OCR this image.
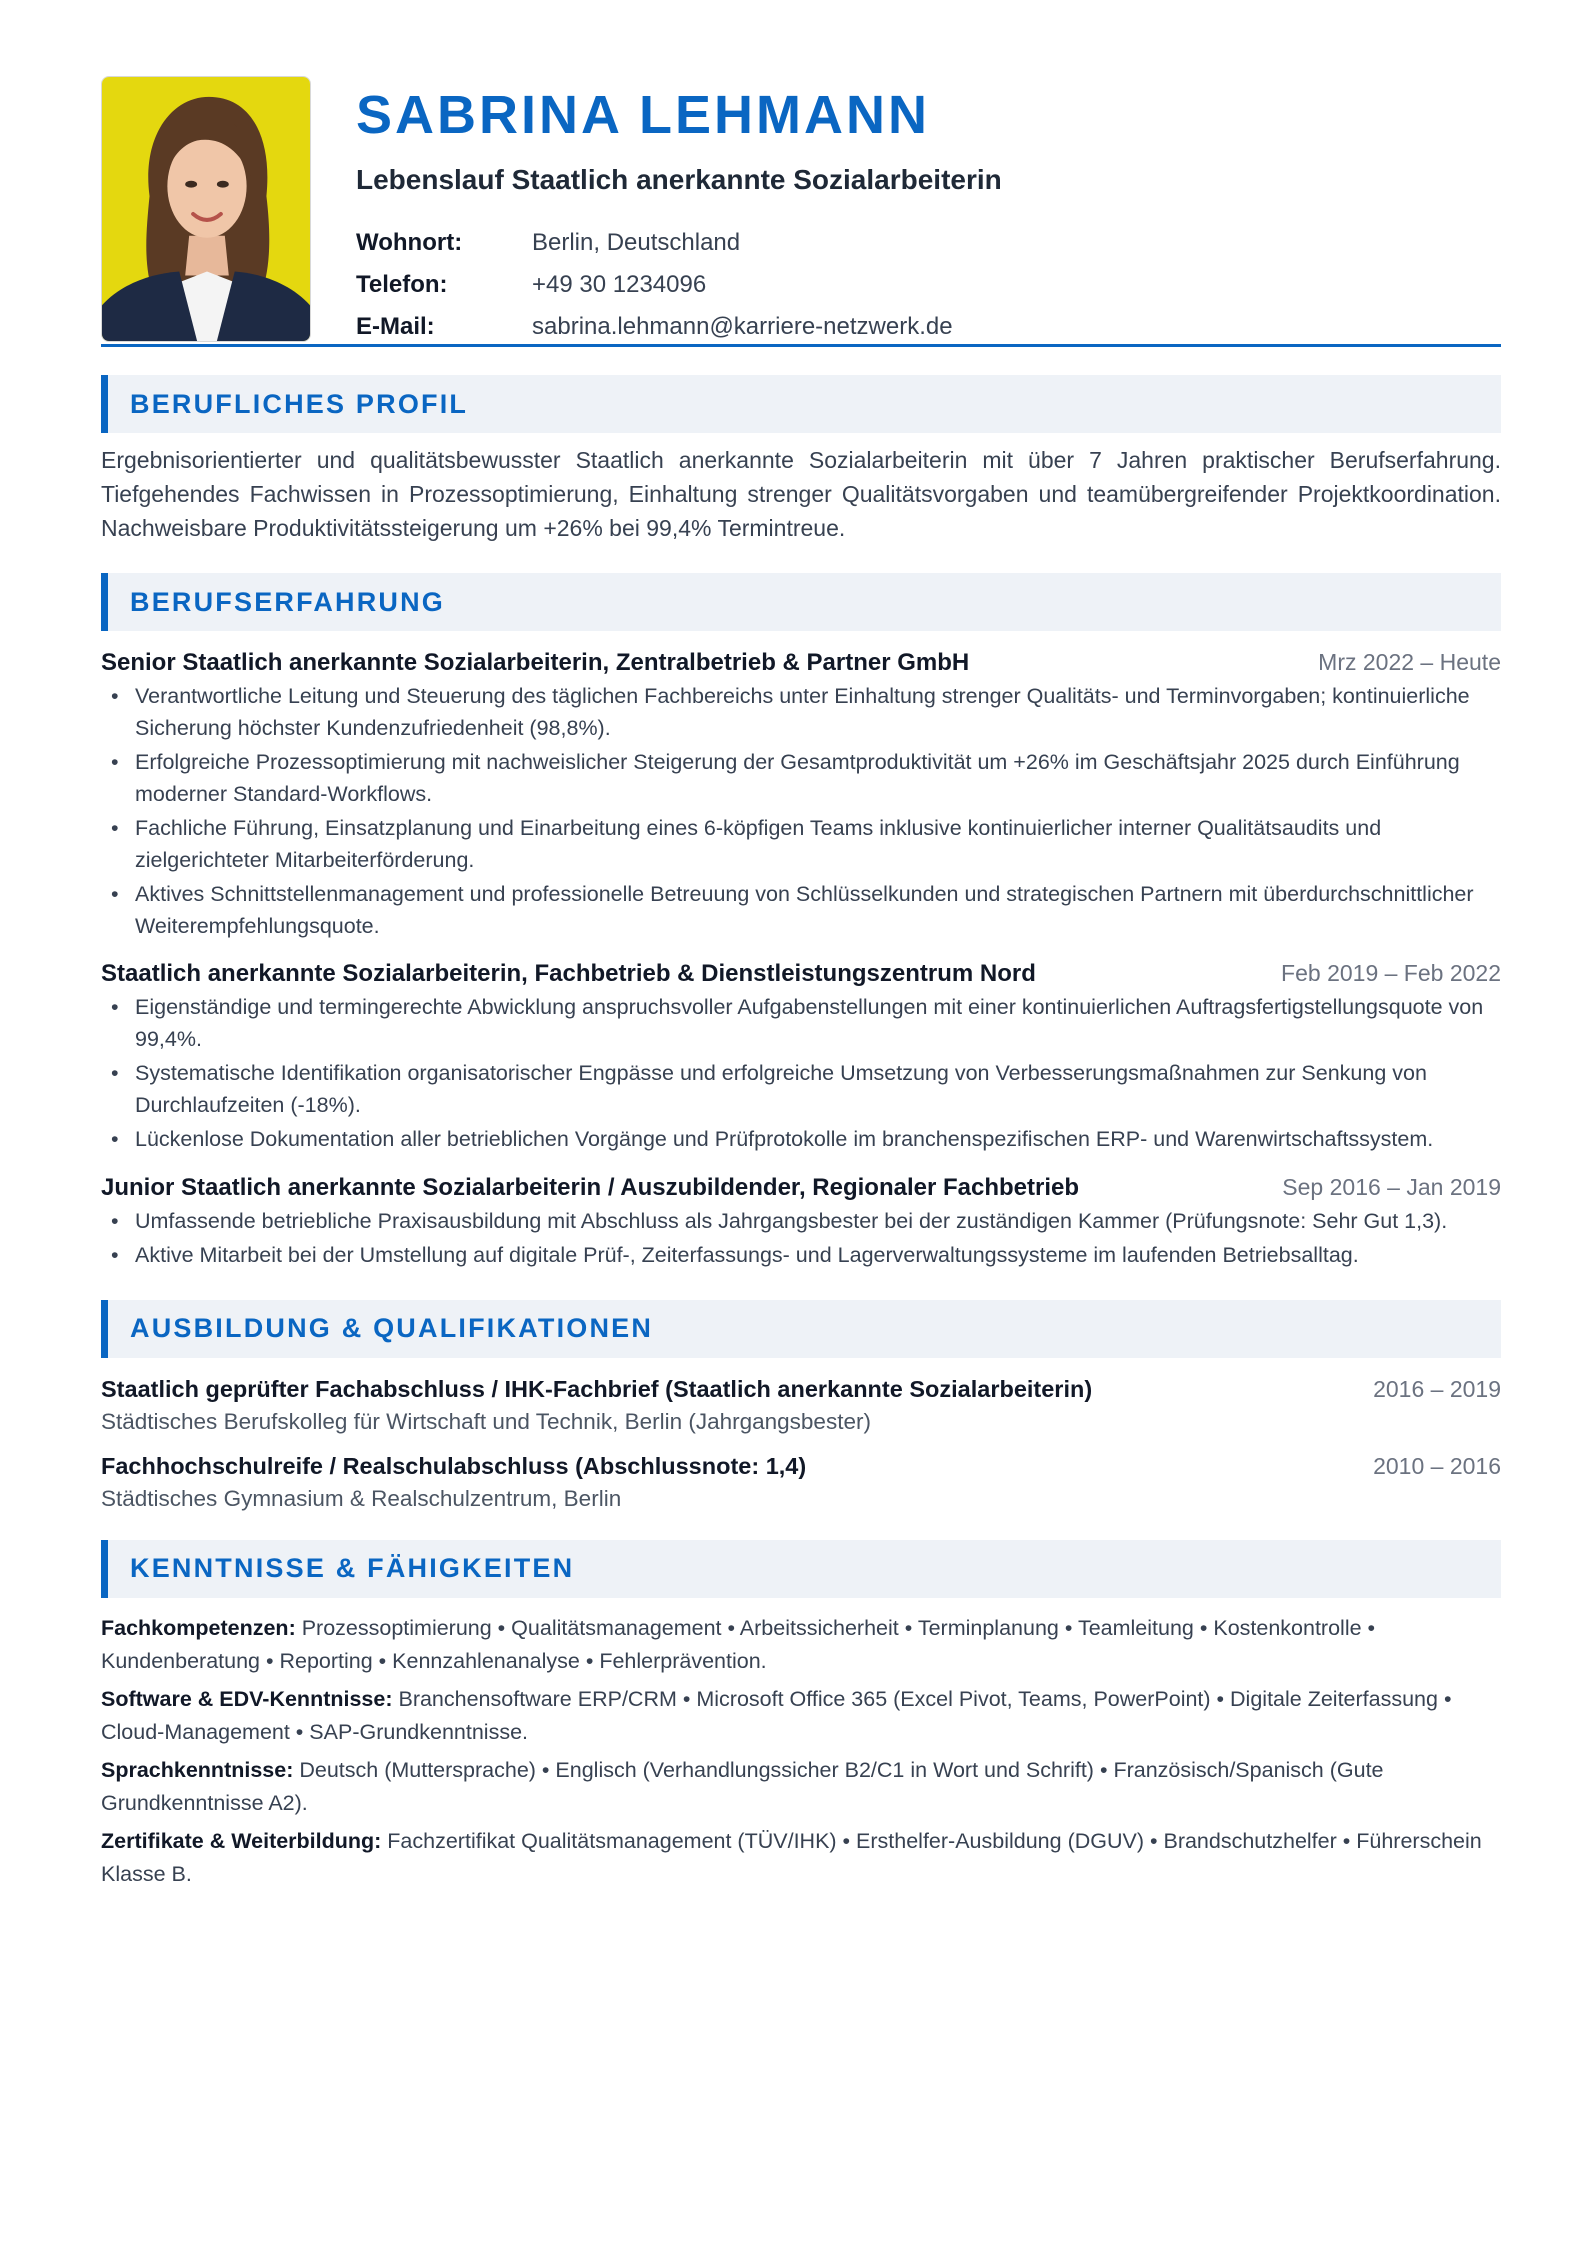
SABRINA LEHMANN
Lebenslauf Staatlich anerkannte Sozialarbeiterin
Wohnort:	Berlin, Deutschland
Telefon:	+49 30 1234096
E-Mail:	sabrina.lehmann@karriere-netzwerk.de
BERUFLICHES PROFIL

Ergebnisorientierter und qualitätsbewusster Staatlich anerkannte Sozialarbeiterin mit über 7 Jahren praktischer Berufserfahrung. Tiefgehendes Fachwissen in Prozessoptimierung, Einhaltung strenger Qualitätsvorgaben und teamübergreifender Projektkoordination. Nachweisbare Produktivitätssteigerung um +26% bei 99,4% Termintreue.

BERUFSERFAHRUNG
Senior Staatlich anerkannte Sozialarbeiterin, Zentralbetrieb & Partner GmbH	Mrz 2022 – Heute
• Verantwortliche Leitung und Steuerung des täglichen Fachbereichs unter Einhaltung strenger Qualitäts- und Terminvorgaben; kontinuierliche Sicherung höchster Kundenzufriedenheit (98,8%).
• Erfolgreiche Prozessoptimierung mit nachweislicher Steigerung der Gesamtproduktivität um +26% im Geschäftsjahr 2025 durch Einführung moderner Standard-Workflows.
• Fachliche Führung, Einsatzplanung und Einarbeitung eines 6-köpfigen Teams inklusive kontinuierlicher interner Qualitätsaudits und zielgerichteter Mitarbeiterförderung.
• Aktives Schnittstellenmanagement und professionelle Betreuung von Schlüsselkunden und strategischen Partnern mit überdurchschnittlicher Weiterempfehlungsquote.
Staatlich anerkannte Sozialarbeiterin, Fachbetrieb & Dienstleistungszentrum Nord	Feb 2019 – Feb 2022
• Eigenständige und termingerechte Abwicklung anspruchsvoller Aufgabenstellungen mit einer kontinuierlichen Auftragsfertigstellungsquote von 99,4%.
• Systematische Identifikation organisatorischer Engpässe und erfolgreiche Umsetzung von Verbesserungsmaßnahmen zur Senkung von Durchlaufzeiten (-18%).
• Lückenlose Dokumentation aller betrieblichen Vorgänge und Prüfprotokolle im branchenspezifischen ERP- und Warenwirtschaftssystem.
Junior Staatlich anerkannte Sozialarbeiterin / Auszubildender, Regionaler Fachbetrieb	Sep 2016 – Jan 2019
• Umfassende betriebliche Praxisausbildung mit Abschluss als Jahrgangsbester bei der zuständigen Kammer (Prüfungsnote: Sehr Gut 1,3).
• Aktive Mitarbeit bei der Umstellung auf digitale Prüf-, Zeiterfassungs- und Lagerverwaltungssysteme im laufenden Betriebsalltag.
AUSBILDUNG & QUALIFIKATIONEN
Staatlich geprüfter Fachabschluss / IHK-Fachbrief (Staatlich anerkannte Sozialarbeiterin)	2016 – 2019
Städtisches Berufskolleg für Wirtschaft und Technik, Berlin (Jahrgangsbester)
Fachhochschulreife / Realschulabschluss (Abschlussnote: 1,4)	2010 – 2016
Städtisches Gymnasium & Realschulzentrum, Berlin
KENNTNISSE & FÄHIGKEITEN

Fachkompetenzen: Prozessoptimierung • Qualitätsmanagement • Arbeitssicherheit • Terminplanung • Teamleitung • Kostenkontrolle • Kundenberatung • Reporting • Kennzahlenanalyse • Fehlerprävention.

Software & EDV-Kenntnisse: Branchensoftware ERP/CRM • Microsoft Office 365 (Excel Pivot, Teams, PowerPoint) • Digitale Zeiterfassung • Cloud-Management • SAP-Grundkenntnisse.

Sprachkenntnisse: Deutsch (Muttersprache) • Englisch (Verhandlungssicher B2/C1 in Wort und Schrift) • Französisch/Spanisch (Gute Grundkenntnisse A2).

Zertifikate & Weiterbildung: Fachzertifikat Qualitätsmanagement (TÜV/IHK) • Ersthelfer-Ausbildung (DGUV) • Brandschutzhelfer • Führerschein Klasse B.
